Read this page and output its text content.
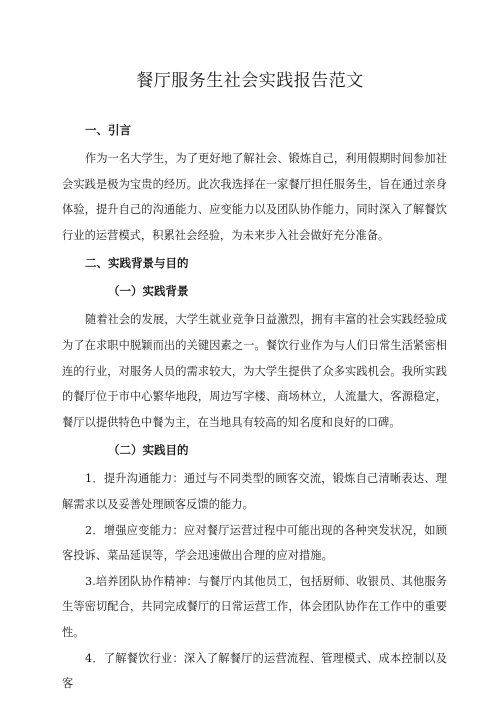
餐厅服务生社会实践报告范文

一、引言

作为一名大学生，为了更好地了解社会、锻炼自己，利用假期时间参加社会实践是极为宝贵的经历。此次我选择在一家餐厅担任服务生，旨在通过亲身体验，提升自己的沟通能力、应变能力以及团队协作能力，同时深入了解餐饮行业的运营模式，积累社会经验，为未来步入社会做好充分准备。

二、实践背景与目的

（一）实践背景

随着社会的发展，大学生就业竞争日益激烈，拥有丰富的社会实践经验成为了在求职中脱颖而出的关键因素之一。餐饮行业作为与人们日常生活紧密相连的行业，对服务人员的需求较大，为大学生提供了众多实践机会。我所实践的餐厅位于市中心繁华地段，周边写字楼、商场林立，人流量大，客源稳定，餐厅以提供特色中餐为主，在当地具有较高的知名度和良好的口碑。

（二）实践目的

1．提升沟通能力：通过与不同类型的顾客交流，锻炼自己清晰表达、理解需求以及妥善处理顾客反馈的能力。

2．增强应变能力：应对餐厅运营过程中可能出现的各种突发状况，如顾客投诉、菜品延误等，学会迅速做出合理的应对措施。

3.培养团队协作精神：与餐厅内其他员工，包括厨师、收银员、其他服务生等密切配合，共同完成餐厅的日常运营工作，体会团队协作在工作中的重要性。

4．了解餐饮行业：深入了解餐厅的运营流程、管理模式、成本控制以及客
